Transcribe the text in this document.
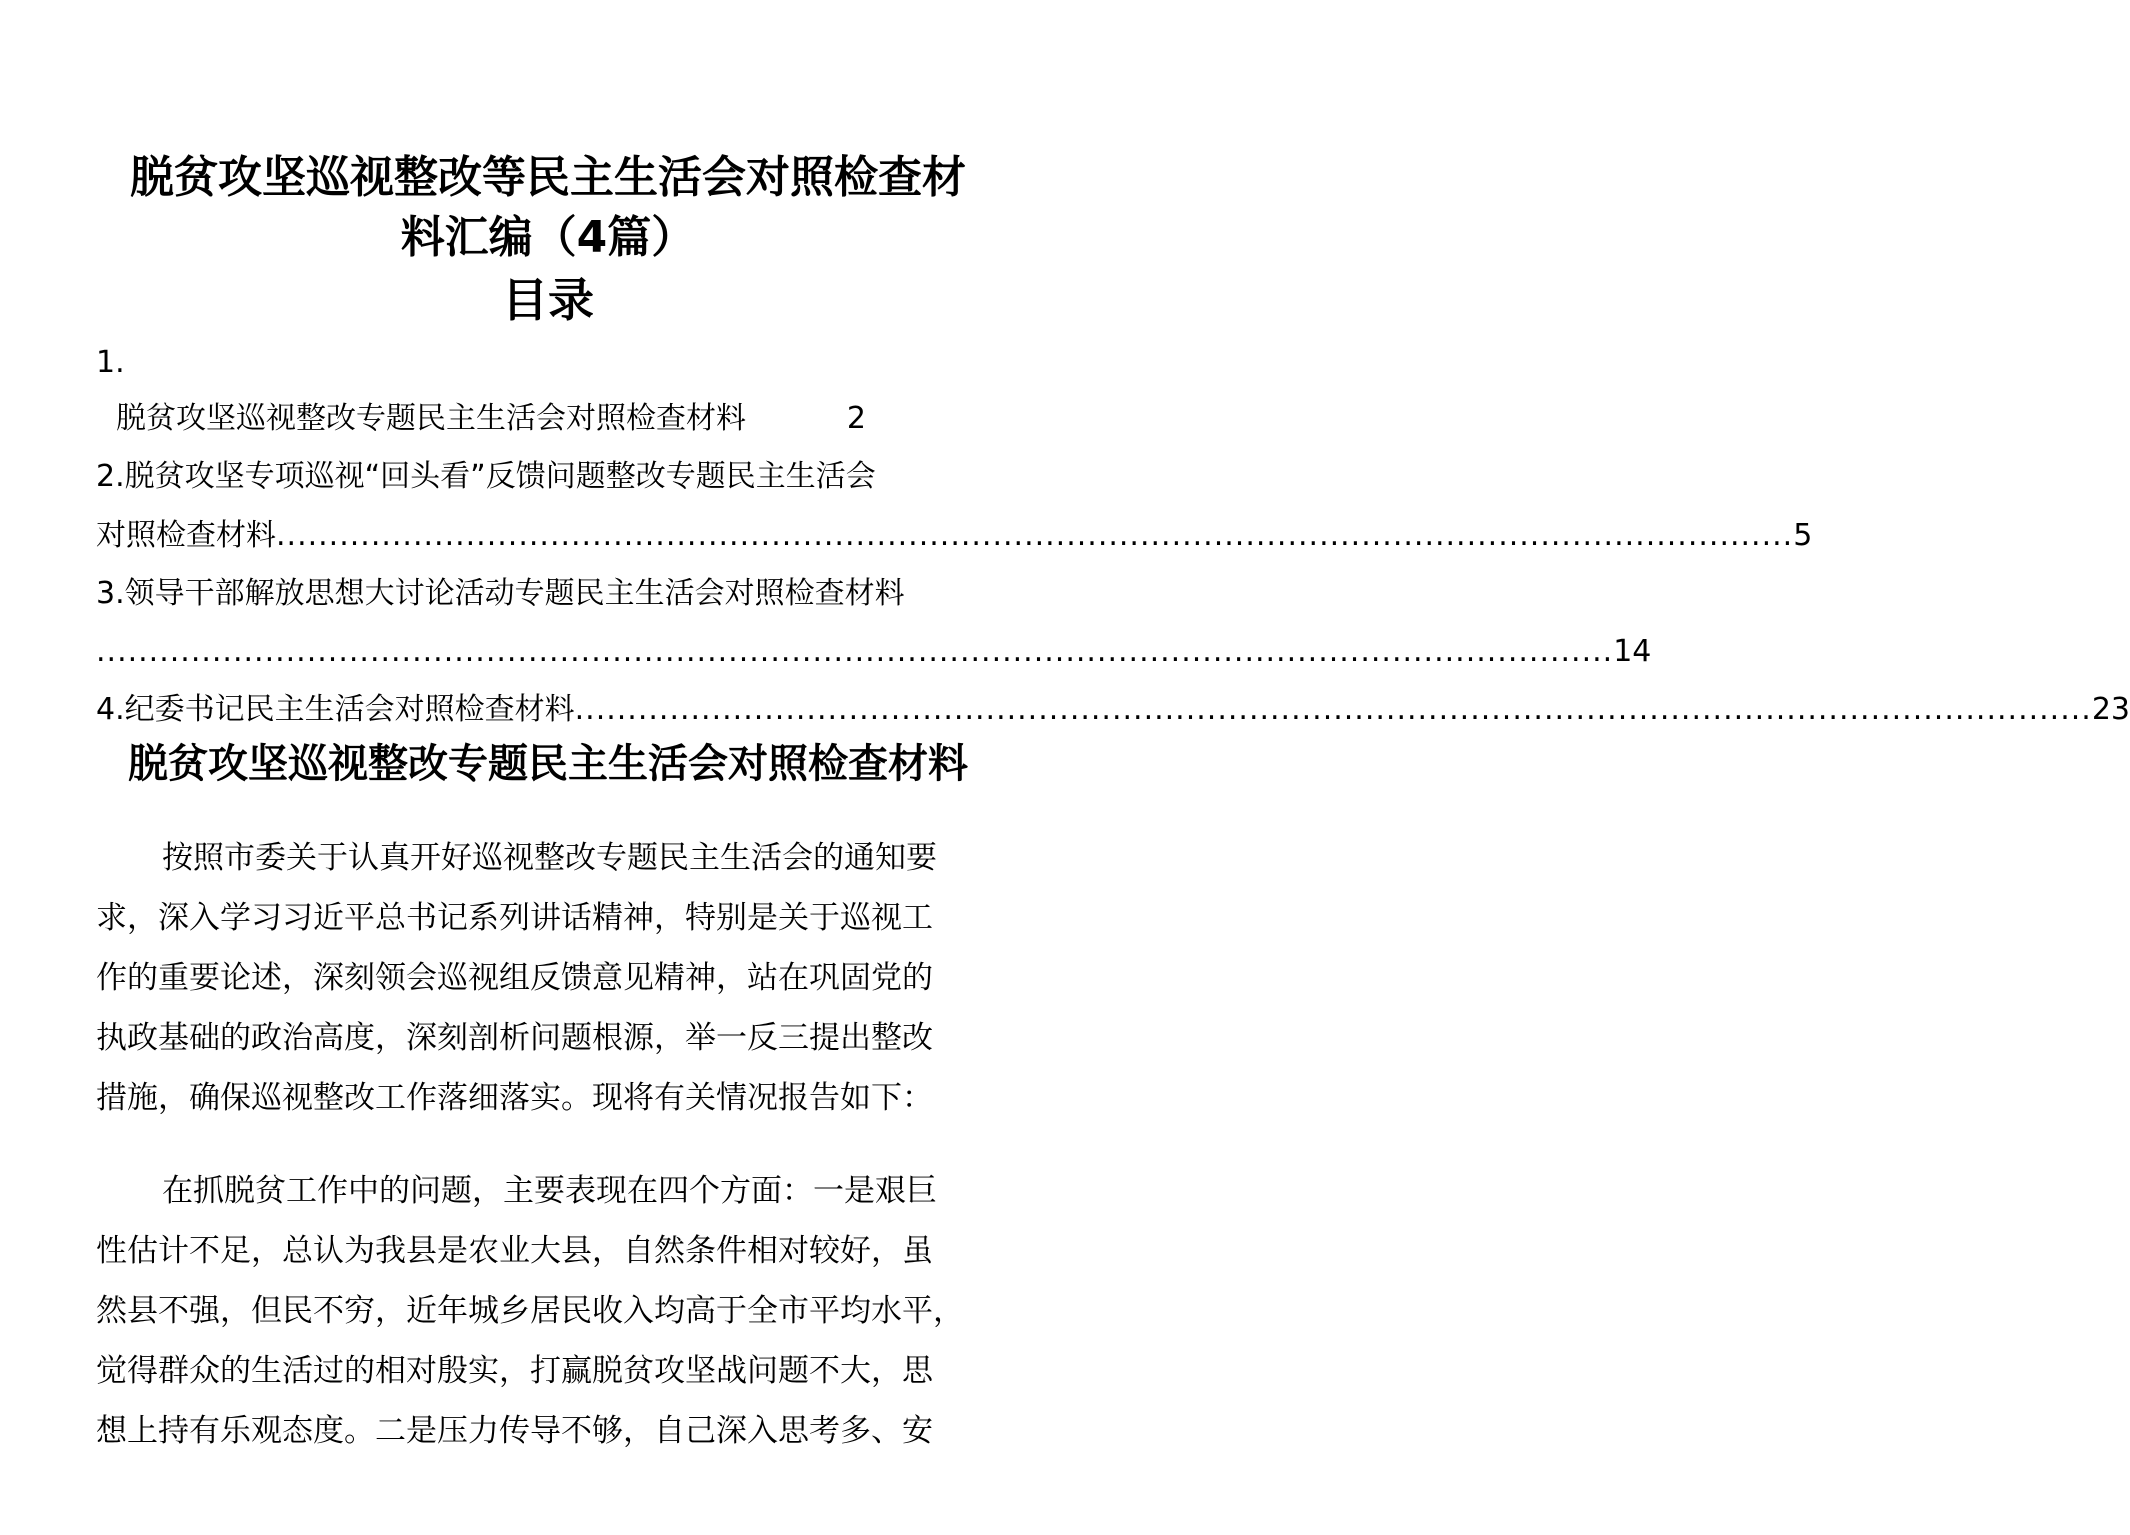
脱贫攻坚巡视整改等民主生活会对照检查材
料汇编（4篇）
目录
1.
脱贫攻坚巡视整改专题民主生活会对照检查材料	2
2.脱贫攻坚专项巡视“回头看”反馈问题整改专题民主生活会
对照检查材料 ................................................................................................................................................ 5
3.领导干部解放思想大讨论活动专题民主生活会对照检查材料
................................................................................................................................................ 14
4.纪委书记民主生活会对照检查材料 ................................................................................................................................................ 23
脱贫攻坚巡视整改专题民主生活会对照检查材料
按照市委关于认真开好巡视整改专题民主生活会的通知要
求，深入学习习近平总书记系列讲话精神，特别是关于巡视工
作的重要论述，深刻领会巡视组反馈意见精神，站在巩固党的
执政基础的政治高度，深刻剖析问题根源，举一反三提出整改
措施，确保巡视整改工作落细落实。现将有关情况报告如下：
在抓脱贫工作中的问题，主要表现在四个方面：一是艰巨
性估计不足，总认为我县是农业大县，自然条件相对较好，虽
然县不强，但民不穷，近年城乡居民收入均高于全市平均水平，
觉得群众的生活过的相对殷实，打赢脱贫攻坚战问题不大，思
想上持有乐观态度。二是压力传导不够，自己深入思考多、安
